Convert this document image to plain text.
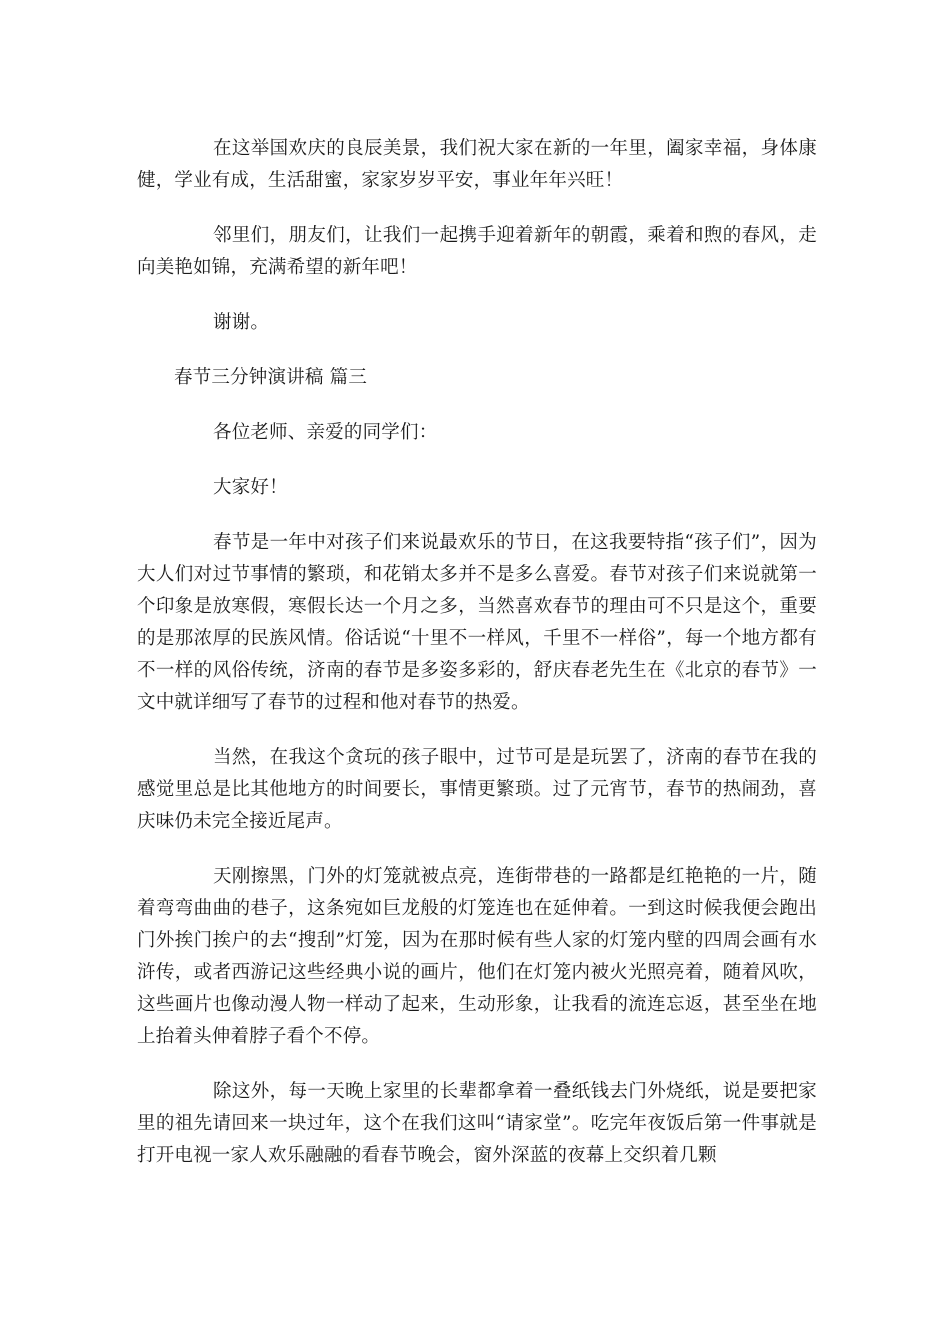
在这举国欢庆的良辰美景，我们祝大家在新的一年里，阖家幸福，身体康健，学业有成，生活甜蜜，家家岁岁平安，事业年年兴旺！

邻里们，朋友们，让我们一起携手迎着新年的朝霞，乘着和煦的春风，走向美艳如锦，充满希望的新年吧！

谢谢。

春节三分钟演讲稿 篇三

各位老师、亲爱的同学们：

大家好！

春节是一年中对孩子们来说最欢乐的节日，在这我要特指“孩子们”，因为大人们对过节事情的繁琐，和花销太多并不是多么喜爱。春节对孩子们来说就第一个印象是放寒假，寒假长达一个月之多，当然喜欢春节的理由可不只是这个，重要的是那浓厚的民族风情。俗话说“十里不一样风，千里不一样俗”，每一个地方都有不一样的风俗传统，济南的春节是多姿多彩的，舒庆春老先生在《北京的春节》一文中就详细写了春节的过程和他对春节的热爱。

当然，在我这个贪玩的孩子眼中，过节可是是玩罢了，济南的春节在我的感觉里总是比其他地方的时间要长，事情更繁琐。过了元宵节，春节的热闹劲，喜庆味仍未完全接近尾声。

天刚擦黑，门外的灯笼就被点亮，连街带巷的一路都是红艳艳的一片，随着弯弯曲曲的巷子，这条宛如巨龙般的灯笼连也在延伸着。一到这时候我便会跑出门外挨门挨户的去“搜刮”灯笼，因为在那时候有些人家的灯笼内壁的四周会画有水浒传，或者西游记这些经典小说的画片，他们在灯笼内被火光照亮着，随着风吹，这些画片也像动漫人物一样动了起来，生动形象，让我看的流连忘返，甚至坐在地上抬着头伸着脖子看个不停。

除这外，每一天晚上家里的长辈都拿着一叠纸钱去门外烧纸，说是要把家里的祖先请回来一块过年，这个在我们这叫“请家堂”。吃完年夜饭后第一件事就是打开电视一家人欢乐融融的看春节晚会，窗外深蓝的夜幕上交织着几颗
